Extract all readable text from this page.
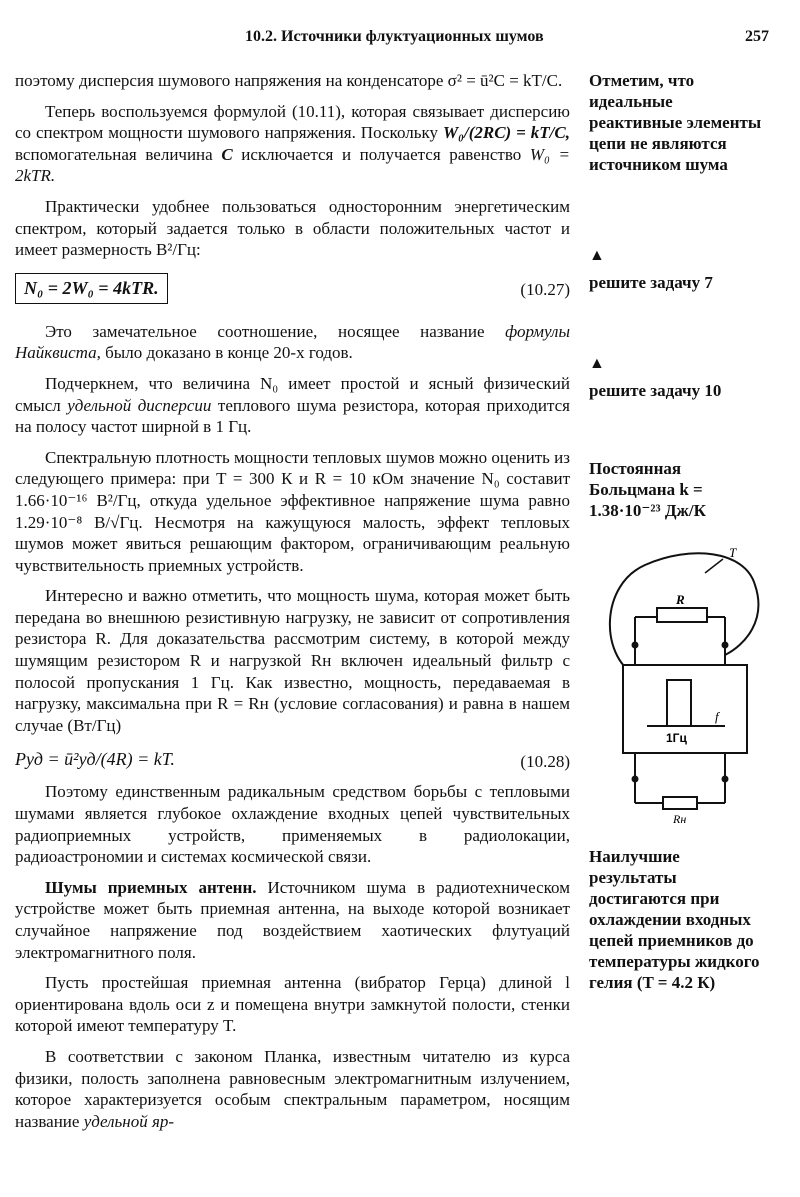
10.2. Источники флуктуационных шумов	257

поэтому дисперсия шумового напряжения на конденсаторе σ² = ū²C = kT/C.

Теперь воспользуемся формулой (10.11), которая связывает дисперсию со спектром мощности шумового напряжения. Поскольку W₀/(2RC) = kT/C, вспомогательная величина C исключается и получается равенство W₀ = 2kTR.

Практически удобнее пользоваться односторонним энергетическим спектром, который задается только в области положительных частот и имеет размерность В²/Гц:

N₀ = 2W₀ = 4kTR.	(10.27)

Это замечательное соотношение, носящее название формулы Найквиста, было доказано в конце 20-х годов.

Подчеркнем, что величина N₀ имеет простой и ясный физический смысл удельной дисперсии теплового шума резистора, которая приходится на полосу частот ширной в 1 Гц.

Спектральную плотность мощности тепловых шумов можно оценить из следующего примера: при T = 300 К и R = 10 кОм значение N₀ составит 1.66·10⁻¹⁶ В²/Гц, откуда удельное эффективное напряжение шума равно 1.29·10⁻⁸ В/√Гц. Несмотря на кажущуюся малость, эффект тепловых шумов может явиться решающим фактором, ограничивающим реальную чувствительность приемных устройств.

Интересно и важно отметить, что мощность шума, которая может быть передана во внешнюю резистивную нагрузку, не зависит от сопротивления резистора R. Для доказательства рассмотрим систему, в которой между шумящим резистором R и нагрузкой Rн включен идеальный фильтр с полосой пропускания 1 Гц. Как известно, мощность, передаваемая в нагрузку, максимальна при R = Rн (условие согласования) и равна в нашем случае (Вт/Гц)

Pуд = ū²уд/(4R) = kT.	(10.28)

Поэтому единственным радикальным средством борьбы с тепловыми шумами является глубокое охлаждение входных цепей чувствительных радиоприемных устройств, применяемых в радиолокации, радиоастрономии и системах космической связи.

Шумы приемных антенн. Источником шума в радиотехническом устройстве может быть приемная антенна, на выходе которой возникает случайное напряжение под воздействием хаотических флутуаций электромагнитного поля.

Пусть простейшая приемная антенна (вибратор Герца) длиной l ориентирована вдоль оси z и помещена внутри замкнутой полости, стенки которой имеют температуру T.

В соответствии с законом Планка, известным читателю из курса физики, полость заполнена равновесным электромагнитным излучением, которое характеризуется особым спектральным параметром, носящим название удельной яр-

Отметим, что идеальные реактивные элементы цепи не являются источником шума
▲
решите задачу 7
▲
решите задачу 10
Постоянная Больцмана k = 1.38·10⁻²³ Дж/К
T
R
f
1Гц
Rн
Наилучшие результаты достигаются при охлаждении входных цепей приемников до температуры жидкого гелия (T = 4.2 К)
